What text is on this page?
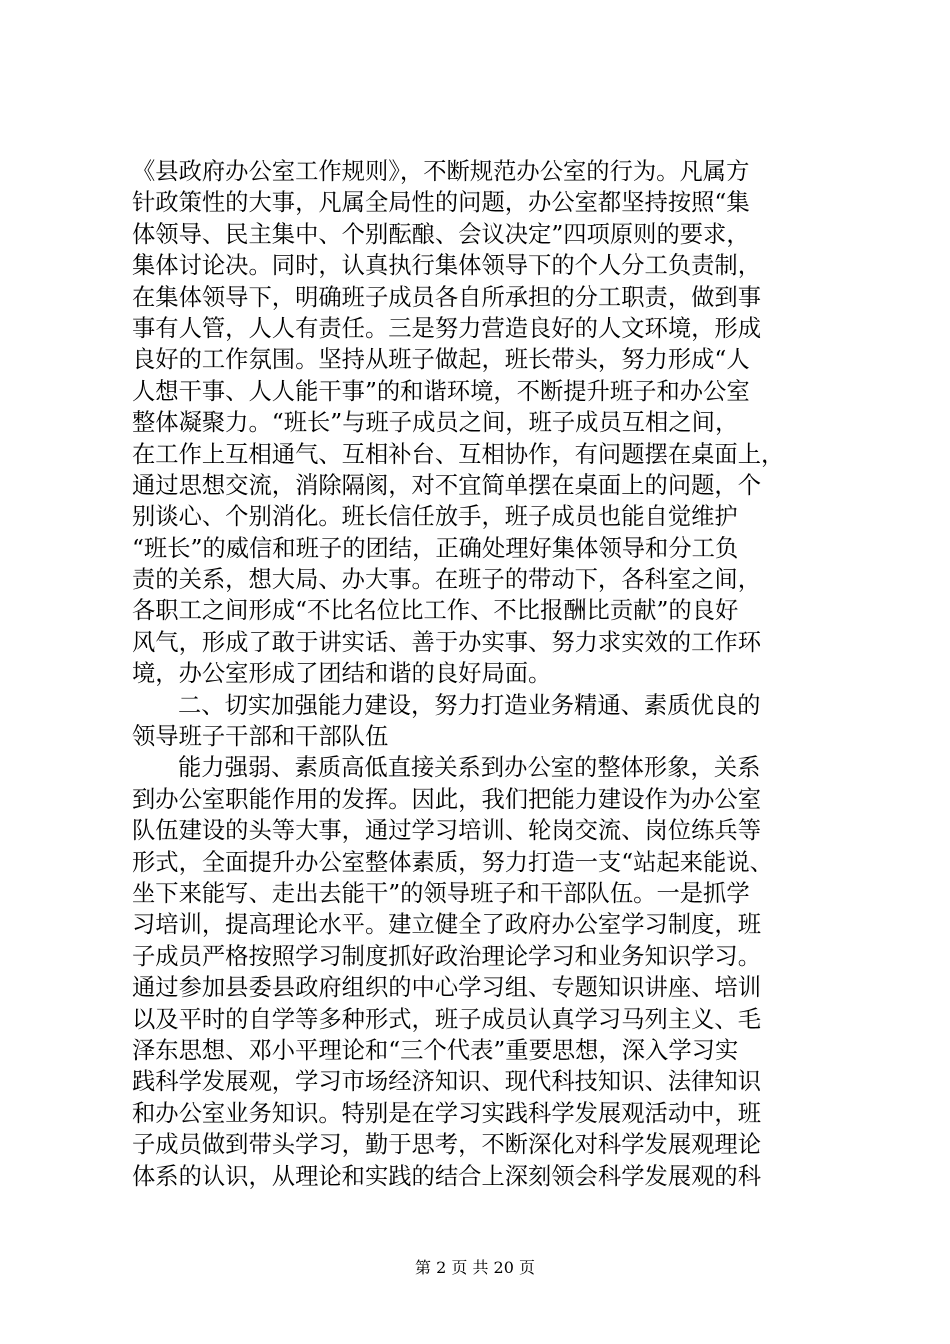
《县政府办公室工作规则》，不断规范办公室的行为。凡属方
针政策性的大事，凡属全局性的问题，办公室都坚持按照“集
体领导、民主集中、个别酝酿、会议决定”四项原则的要求，
集体讨论决。同时，认真执行集体领导下的个人分工负责制，
在集体领导下，明确班子成员各自所承担的分工职责，做到事
事有人管，人人有责任。三是努力营造良好的人文环境，形成
良好的工作氛围。坚持从班子做起，班长带头，努力形成“人
人想干事、人人能干事”的和谐环境，不断提升班子和办公室
整体凝聚力。“班长”与班子成员之间，班子成员互相之间，
在工作上互相通气、互相补台、互相协作，有问题摆在桌面上，
通过思想交流，消除隔阂，对不宜简单摆在桌面上的问题，个
别谈心、个别消化。班长信任放手，班子成员也能自觉维护
“班长”的威信和班子的团结，正确处理好集体领导和分工负
责的关系，想大局、办大事。在班子的带动下，各科室之间，
各职工之间形成“不比名位比工作、不比报酬比贡献”的良好
风气，形成了敢于讲实话、善于办实事、努力求实效的工作环
境，办公室形成了团结和谐的良好局面。
二、切实加强能力建设，努力打造业务精通、素质优良的
领导班子干部和干部队伍
能力强弱、素质高低直接关系到办公室的整体形象，关系
到办公室职能作用的发挥。因此，我们把能力建设作为办公室
队伍建设的头等大事，通过学习培训、轮岗交流、岗位练兵等
形式，全面提升办公室整体素质，努力打造一支“站起来能说、
坐下来能写、走出去能干”的领导班子和干部队伍。一是抓学
习培训，提高理论水平。建立健全了政府办公室学习制度，班
子成员严格按照学习制度抓好政治理论学习和业务知识学习。
通过参加县委县政府组织的中心学习组、专题知识讲座、培训
以及平时的自学等多种形式，班子成员认真学习马列主义、毛
泽东思想、邓小平理论和“三个代表”重要思想，深入学习实
践科学发展观，学习市场经济知识、现代科技知识、法律知识
和办公室业务知识。特别是在学习实践科学发展观活动中，班
子成员做到带头学习，勤于思考，不断深化对科学发展观理论
体系的认识，从理论和实践的结合上深刻领会科学发展观的科
第 2 页 共 20 页
